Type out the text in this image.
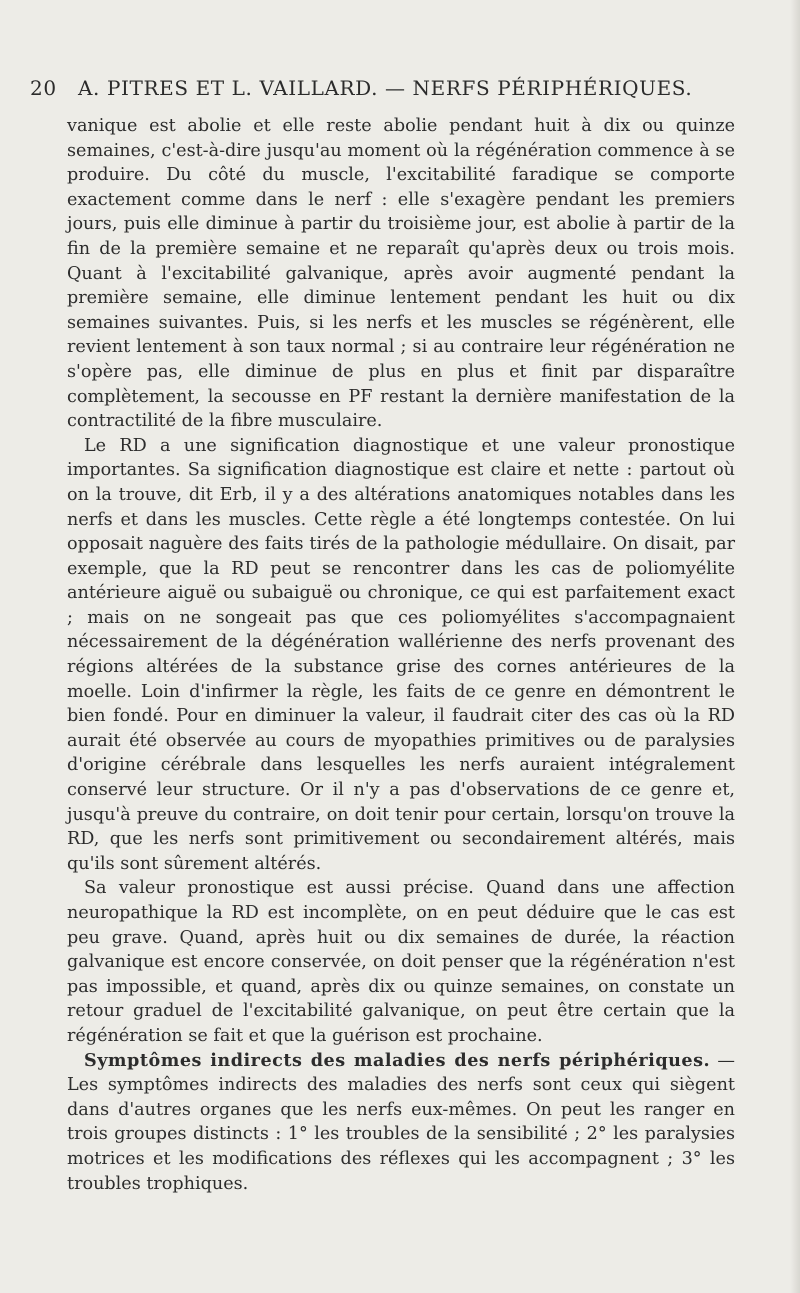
20 A. PITRES ET L. VAILLARD. — NERFS PÉRIPHÉRIQUES.

vanique est abolie et elle reste abolie pendant huit à dix ou quinze semaines, c'est-à-dire jusqu'au moment où la régénération commence à se produire. Du côté du muscle, l'excitabilité faradique se comporte exactement comme dans le nerf : elle s'exagère pendant les premiers jours, puis elle diminue à partir du troisième jour, est abolie à partir de la fin de la première semaine et ne reparaît qu'après deux ou trois mois. Quant à l'excitabilité galvanique, après avoir augmenté pendant la première semaine, elle diminue lentement pendant les huit ou dix semaines suivantes. Puis, si les nerfs et les muscles se régénèrent, elle revient lentement à son taux normal ; si au contraire leur régénération ne s'opère pas, elle diminue de plus en plus et finit par disparaître complètement, la secousse en PF restant la dernière manifestation de la contractilité de la fibre musculaire.

Le RD a une signification diagnostique et une valeur pronostique importantes. Sa signification diagnostique est claire et nette : partout où on la trouve, dit Erb, il y a des altérations anatomiques notables dans les nerfs et dans les muscles. Cette règle a été longtemps contestée. On lui opposait naguère des faits tirés de la pathologie médullaire. On disait, par exemple, que la RD peut se rencontrer dans les cas de poliomyélite antérieure aiguë ou subaiguë ou chronique, ce qui est parfaitement exact ; mais on ne songeait pas que ces poliomyélites s'accompagnaient nécessairement de la dégénération wallérienne des nerfs provenant des régions altérées de la substance grise des cornes antérieures de la moelle. Loin d'infirmer la règle, les faits de ce genre en démontrent le bien fondé. Pour en diminuer la valeur, il faudrait citer des cas où la RD aurait été observée au cours de myopathies primitives ou de paralysies d'origine cérébrale dans lesquelles les nerfs auraient intégralement conservé leur structure. Or il n'y a pas d'observations de ce genre et, jusqu'à preuve du contraire, on doit tenir pour certain, lorsqu'on trouve la RD, que les nerfs sont primitivement ou secondairement altérés, mais qu'ils sont sûrement altérés.

Sa valeur pronostique est aussi précise. Quand dans une affection neuropathique la RD est incomplète, on en peut déduire que le cas est peu grave. Quand, après huit ou dix semaines de durée, la réaction galvanique est encore conservée, on doit penser que la régénération n'est pas impossible, et quand, après dix ou quinze semaines, on constate un retour graduel de l'excitabilité galvanique, on peut être certain que la régénération se fait et que la guérison est prochaine.

Symptômes indirects des maladies des nerfs périphériques. — Les symptômes indirects des maladies des nerfs sont ceux qui siègent dans d'autres organes que les nerfs eux-mêmes. On peut les ranger en trois groupes distincts : 1° les troubles de la sensibilité ; 2° les paralysies motrices et les modifications des réflexes qui les accompagnent ; 3° les troubles trophiques.
